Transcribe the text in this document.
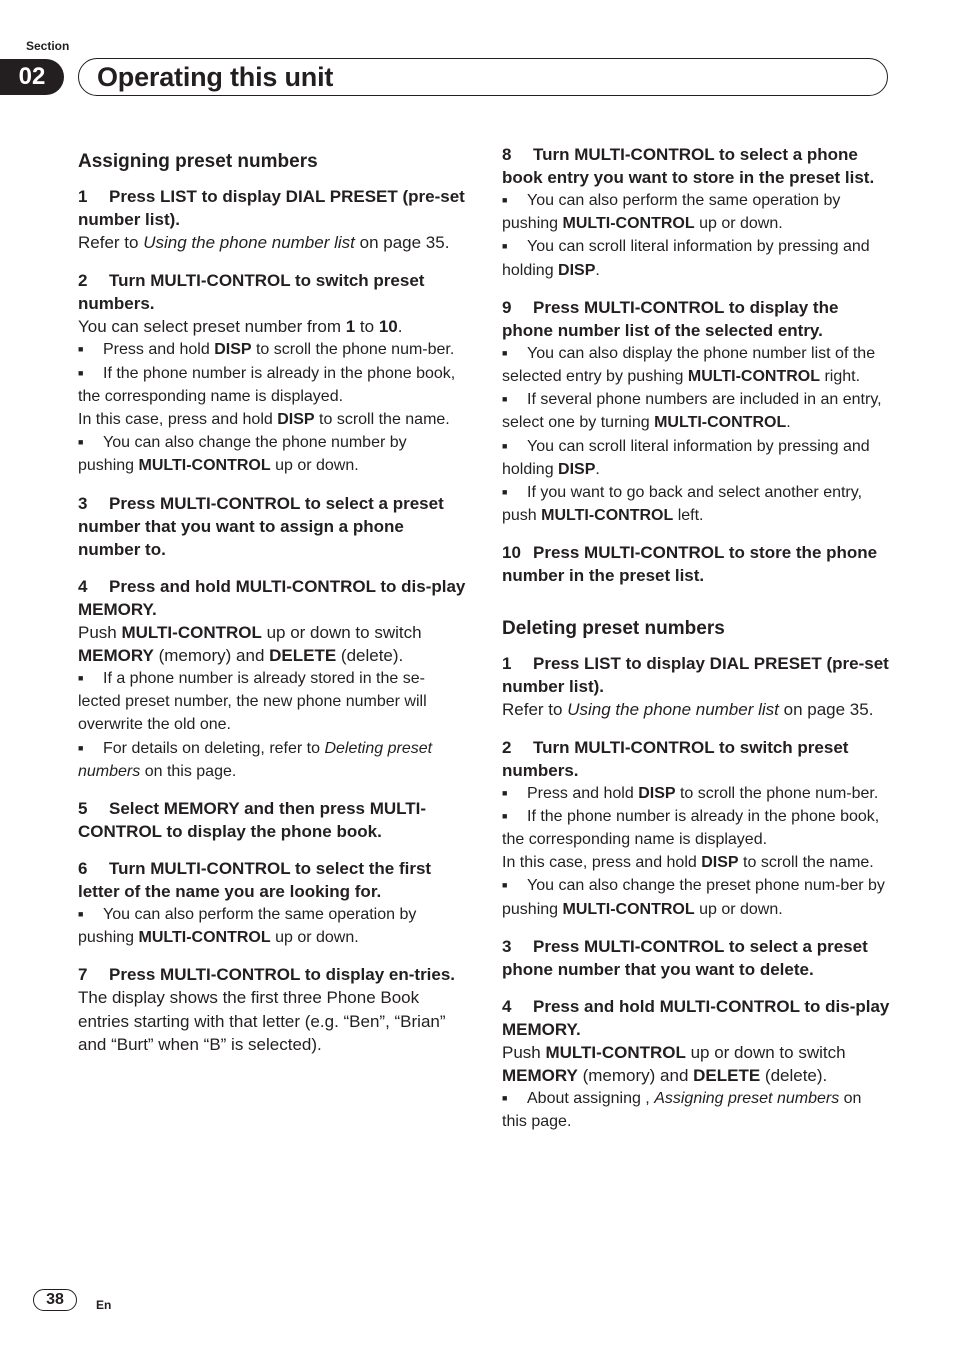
Section
02	Operating this unit
Assigning preset numbers
1 Press LIST to display DIAL PRESET (pre-set number list).

Refer to Using the phone number list on page 35.

2 Turn MULTI-CONTROL to switch preset numbers.

You can select preset number from 1 to 10.

■ Press and hold DISP to scroll the phone num-ber.

■ If the phone number is already in the phone book, the corresponding name is displayed.

In this case, press and hold DISP to scroll the name.

■ You can also change the phone number by pushing MULTI-CONTROL up or down.

3 Press MULTI-CONTROL to select a preset number that you want to assign a phone number to.
4 Press and hold MULTI-CONTROL to dis-play MEMORY.

Push MULTI-CONTROL up or down to switch MEMORY (memory) and DELETE (delete).

■ If a phone number is already stored in the se-lected preset number, the new phone number will overwrite the old one.

■ For details on deleting, refer to Deleting preset numbers on this page.

5 Select MEMORY and then press MULTI-CONTROL to display the phone book.
6 Turn MULTI-CONTROL to select the first letter of the name you are looking for.

■ You can also perform the same operation by pushing MULTI-CONTROL up or down.

7 Press MULTI-CONTROL to display en-tries.

The display shows the first three Phone Book entries starting with that letter (e.g. “Ben”, “Brian” and “Burt” when “B” is selected).

8 Turn MULTI-CONTROL to select a phone book entry you want to store in the preset list.

■ You can also perform the same operation by pushing MULTI-CONTROL up or down.

■ You can scroll literal information by pressing and holding DISP.

9 Press MULTI-CONTROL to display the phone number list of the selected entry.

■ You can also display the phone number list of the selected entry by pushing MULTI-CONTROL right.

■ If several phone numbers are included in an entry, select one by turning MULTI-CONTROL.

■ You can scroll literal information by pressing and holding DISP.

■ If you want to go back and select another entry, push MULTI-CONTROL left.

10 Press MULTI-CONTROL to store the phone number in the preset list.
Deleting preset numbers
1 Press LIST to display DIAL PRESET (pre-set number list).

Refer to Using the phone number list on page 35.

2 Turn MULTI-CONTROL to switch preset numbers.

■ Press and hold DISP to scroll the phone num-ber.

■ If the phone number is already in the phone book, the corresponding name is displayed.

In this case, press and hold DISP to scroll the name.

■ You can also change the preset phone num-ber by pushing MULTI-CONTROL up or down.

3 Press MULTI-CONTROL to select a preset phone number that you want to delete.
4 Press and hold MULTI-CONTROL to dis-play MEMORY.

Push MULTI-CONTROL up or down to switch MEMORY (memory) and DELETE (delete).

■ About assigning , Assigning preset numbers on this page.

38	En
